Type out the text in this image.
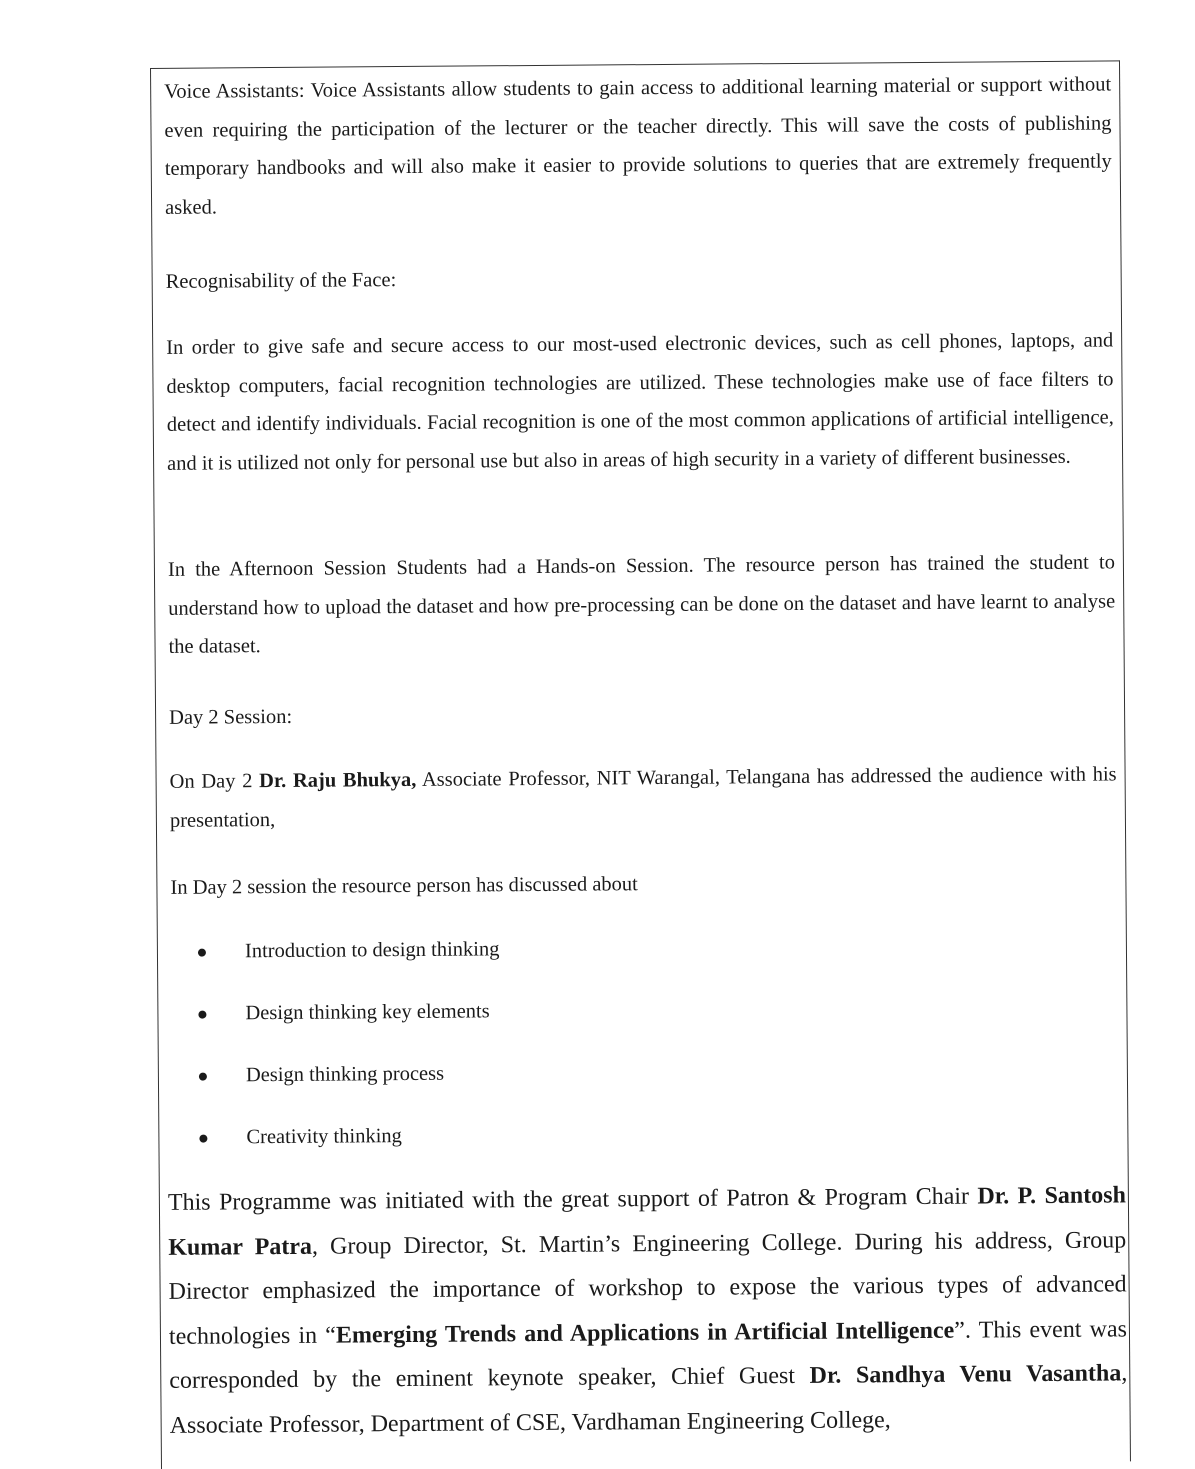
Voice Assistants: Voice Assistants allow students to gain access to additional learning material or support without even requiring the participation of the lecturer or the teacher directly. This will save the costs of publishing temporary handbooks and will also make it easier to provide solutions to queries that are extremely frequently asked.

Recognisability of the Face:

In order to give safe and secure access to our most-used electronic devices, such as cell phones, laptops, and desktop computers, facial recognition technologies are utilized. These technologies make use of face filters to detect and identify individuals. Facial recognition is one of the most common applications of artificial intelligence, and it is utilized not only for personal use but also in areas of high security in a variety of different businesses.

In the Afternoon Session Students had a Hands-on Session. The resource person has trained the student to understand how to upload the dataset and how pre-processing can be done on the dataset and have learnt to analyse the dataset.

Day 2 Session:

On Day 2 Dr. Raju Bhukya, Associate Professor, NIT Warangal, Telangana has addressed the audience with his presentation,

In Day 2 session the resource person has discussed about

Introduction to design thinking
Design thinking key elements
Design thinking process
Creativity thinking

This Programme was initiated with the great support of Patron & Program Chair Dr. P. Santosh Kumar Patra, Group Director, St. Martin’s Engineering College. During his address, Group Director emphasized the importance of workshop to expose the various types of advanced technologies in “Emerging Trends and Applications in Artificial Intelligence”. This event was corresponded by the eminent keynote speaker, Chief Guest Dr. Sandhya Venu Vasantha, Associate Professor, Department of CSE, Vardhaman Engineering College,
